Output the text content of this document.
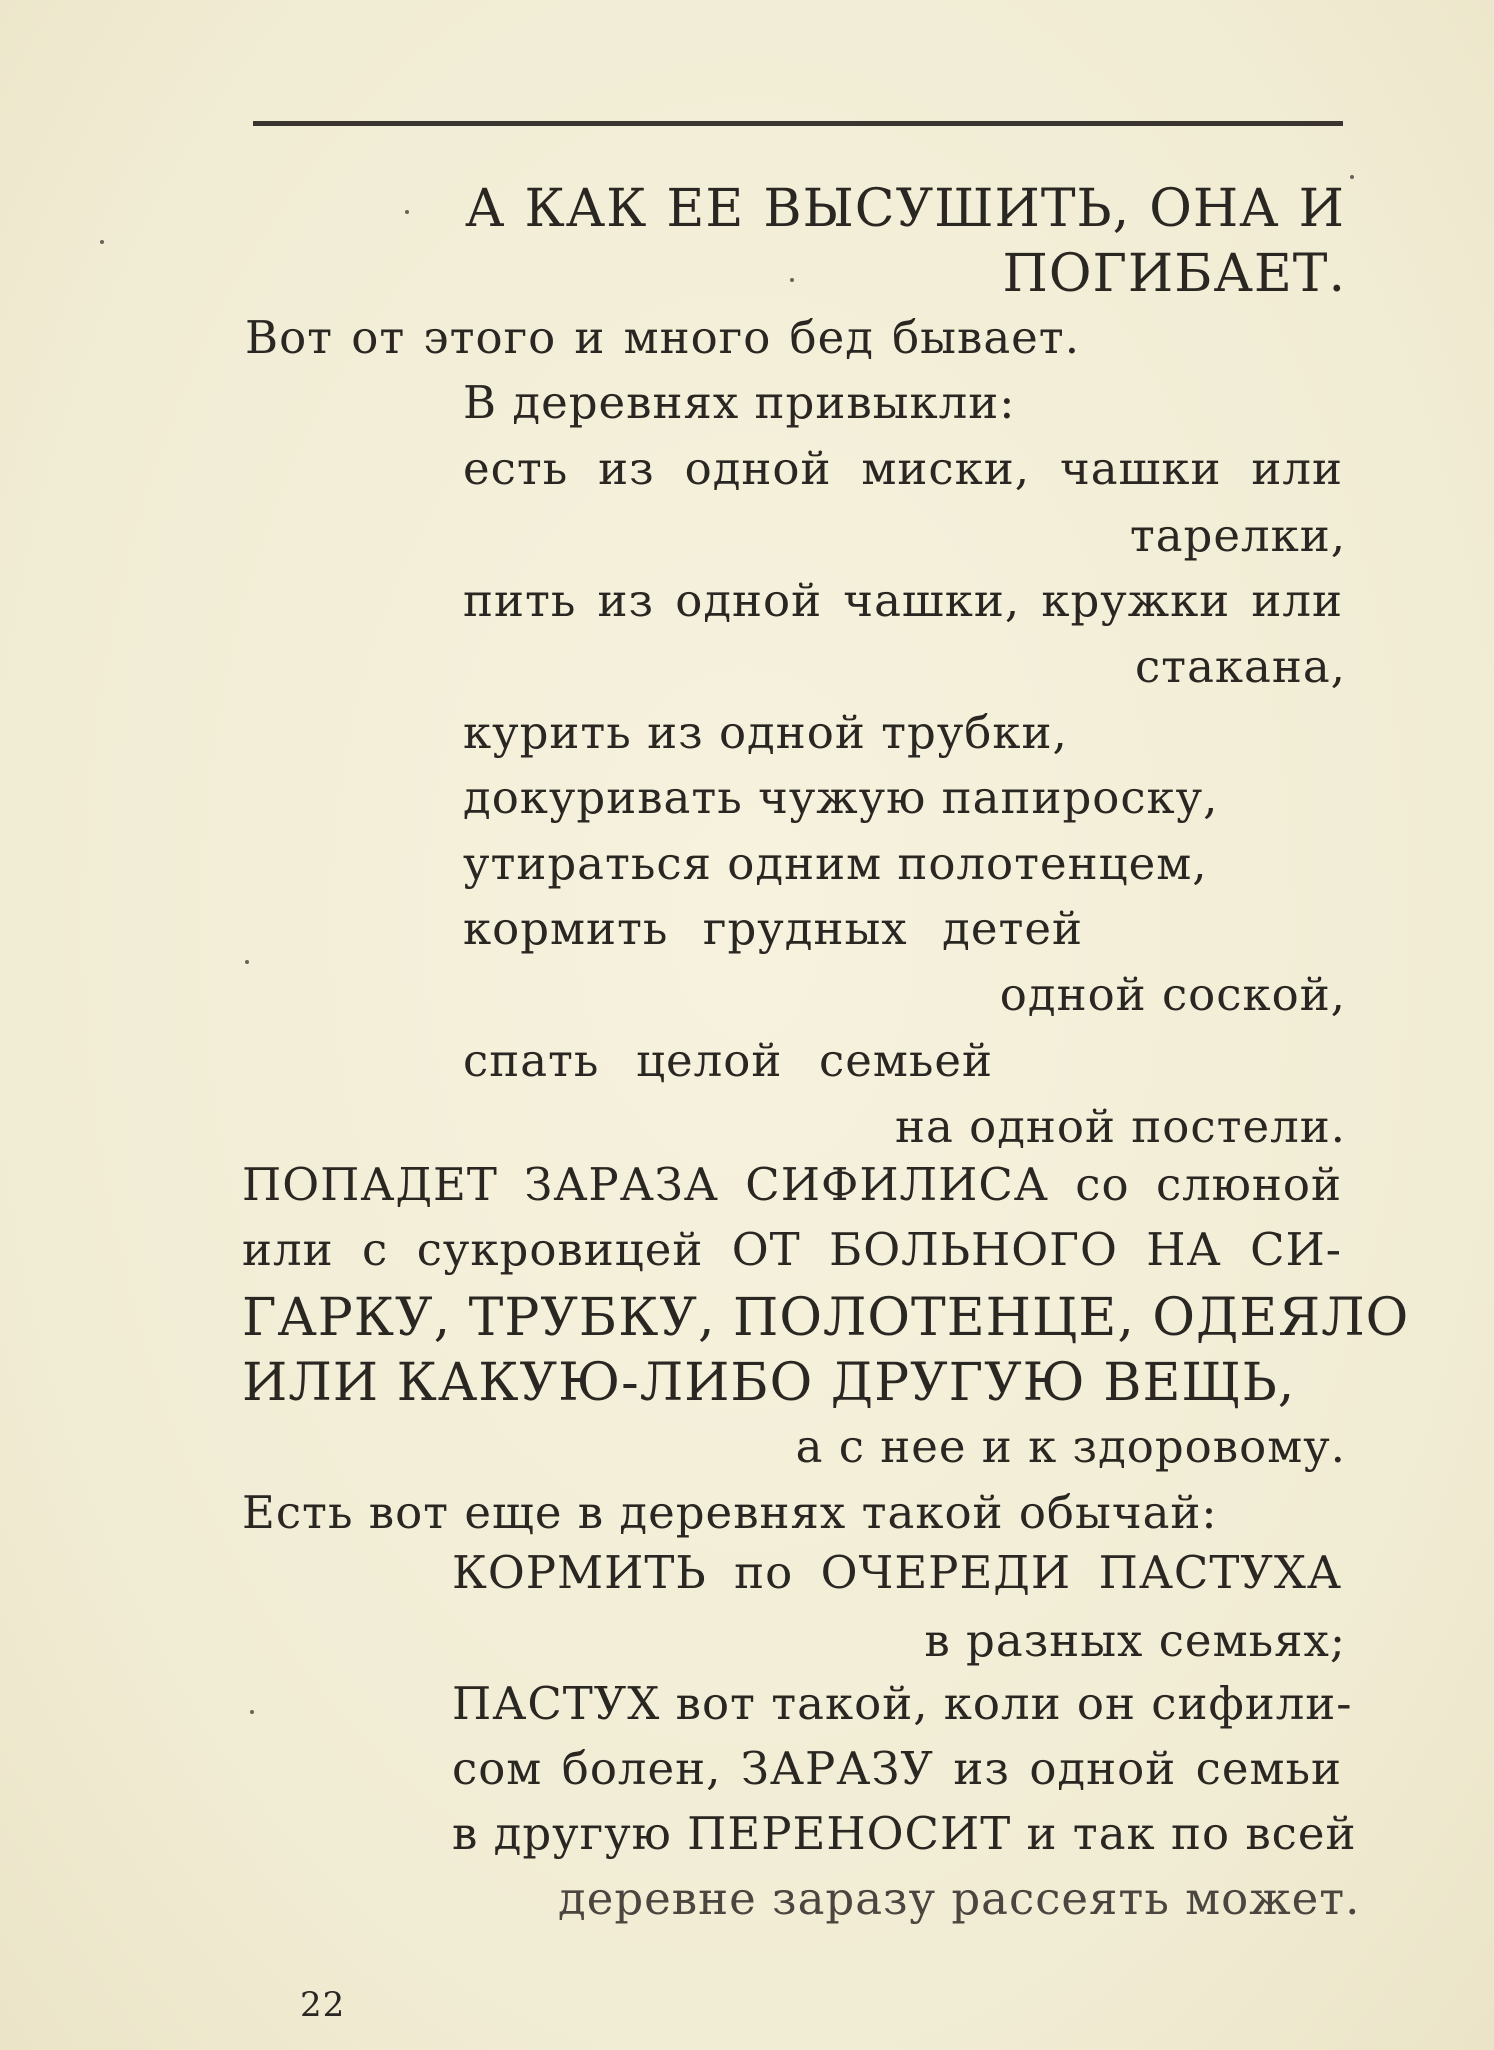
А КАК ЕЕ ВЫСУШИТЬ, ОНА И
ПОГИБАЕТ.
Вот от этого и много бед бывает.
В деревнях привыкли:
есть из одной миски, чашки или
тарелки,
пить из одной чашки, кружки или
стакана,
курить из одной трубки,
докуривать чужую папироску,
утираться одним полотенцем,
кормить грудных детей
одной соской,
спать целой семьей
на одной постели.
ПОПАДЕТ ЗАРАЗА СИФИЛИСА со слюной
или с сукровицей ОТ БОЛЬНОГО НА СИ-
ГАРКУ, ТРУБКУ, ПОЛОТЕНЦЕ, ОДЕЯЛО
ИЛИ КАКУЮ-ЛИБО ДРУГУЮ ВЕЩЬ,
а с нее и к здоровому.
Есть вот еще в деревнях такой обычай:
КОРМИТЬ по ОЧЕРЕДИ ПАСТУХА
в разных семьях;
ПАСТУХ вот такой, коли он сифили-
сом болен, ЗАРАЗУ из одной семьи
в другую ПЕРЕНОСИТ и так по всей
деревне заразу рассеять может.
22
